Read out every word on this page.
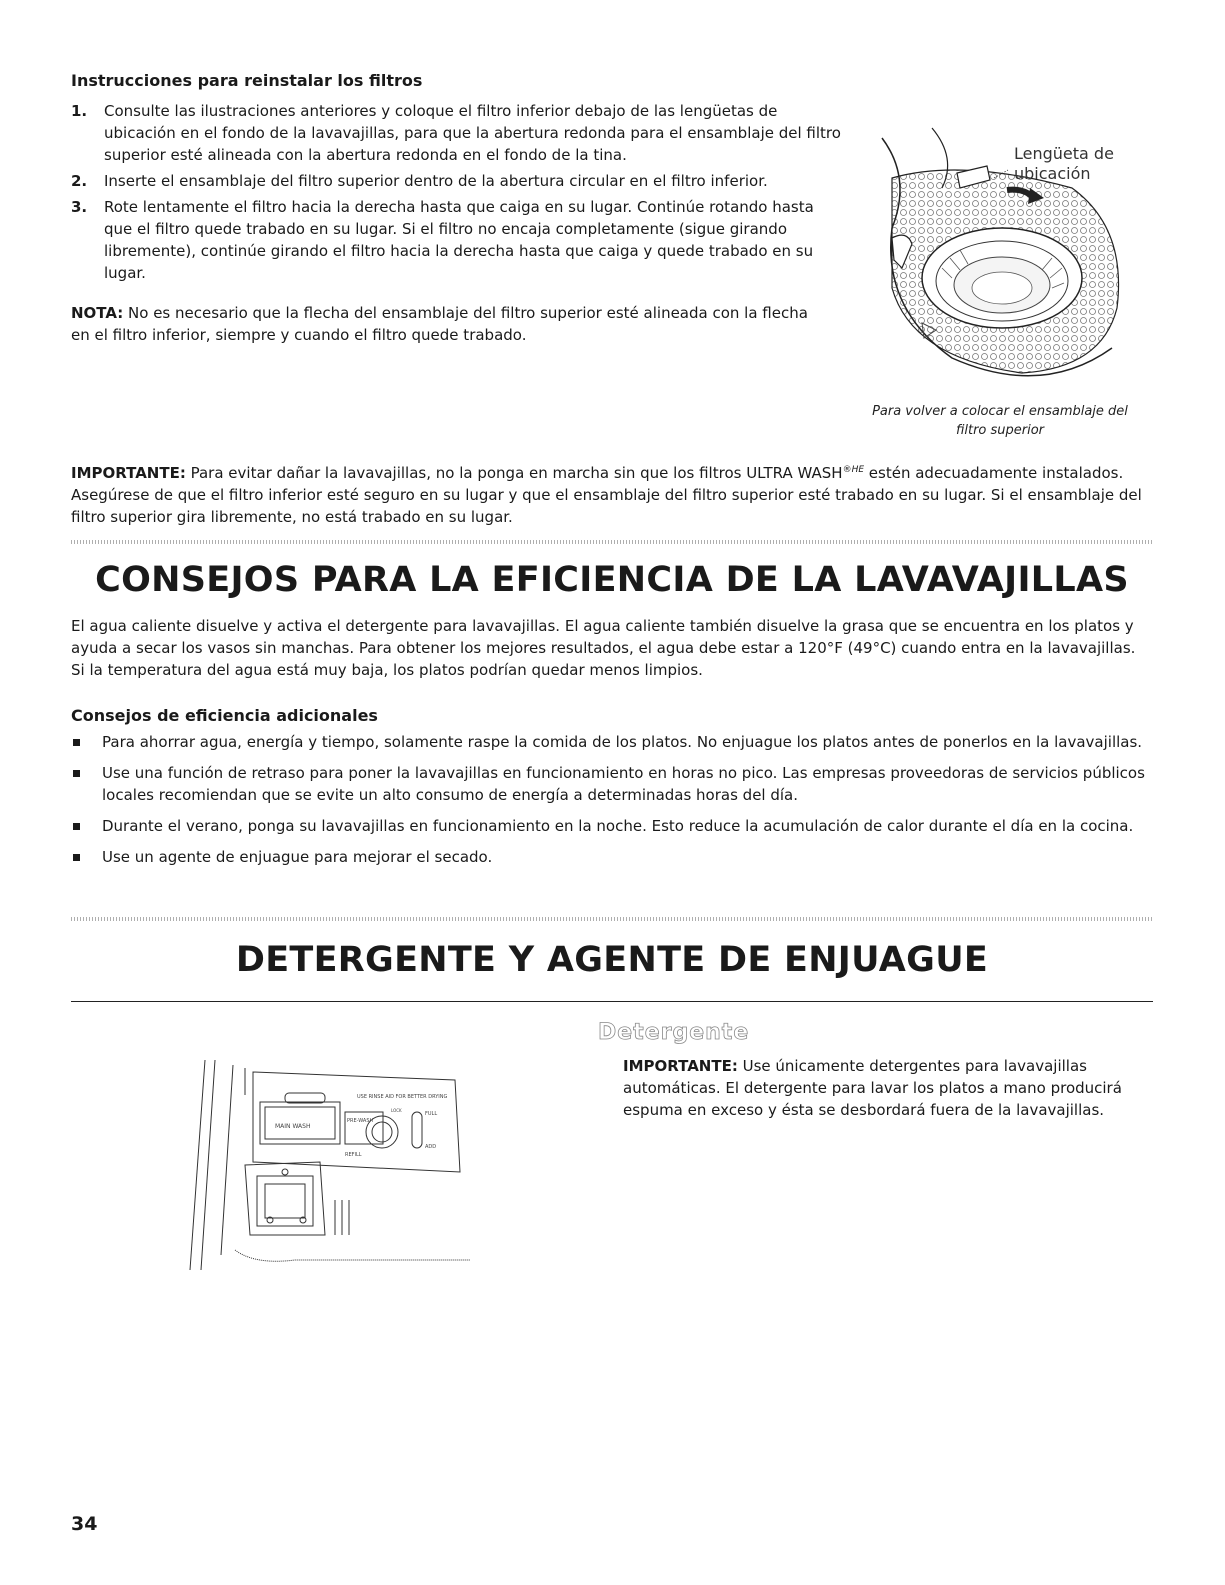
Instrucciones para reinstalar los filtros
1. Consulte las ilustraciones anteriores y coloque el filtro inferior debajo de las lengüetas de ubicación en el fondo de la lavavajillas, para que la abertura redonda para el ensamblaje del filtro superior esté alineada con la abertura redonda en el fondo de la tina.
2. Inserte el ensamblaje del filtro superior dentro de la abertura circular en el filtro inferior.
3. Rote lentamente el filtro hacia la derecha hasta que caiga en su lugar. Continúe rotando hasta que el filtro quede trabado en su lugar. Si el filtro no encaja completamente (sigue girando libremente), continúe girando el filtro hacia la derecha hasta que caiga y quede trabado en su lugar.
NOTA: No es necesario que la flecha del ensamblaje del filtro superior esté alineada con la flecha en el filtro inferior, siempre y cuando el filtro quede trabado.
Lengüeta de ubicación
Para volver a colocar el ensamblaje del filtro superior
IMPORTANTE: Para evitar dañar la lavavajillas, no la ponga en marcha sin que los filtros ULTRA $WASH^{®HE}$ estén adecuadamente instalados. Asegúrese de que el filtro inferior esté seguro en su lugar y que el ensamblaje del filtro superior esté trabado en su lugar. Si el ensamblaje del filtro superior gira libremente, no está trabado en su lugar.
CONSEJOS PARA LA EFICIENCIA DE LA LAVAVAJILLAS
El agua caliente disuelve y activa el detergente para lavavajillas. El agua caliente también disuelve la grasa que se encuentra en los platos y ayuda a secar los vasos sin manchas. Para obtener los mejores resultados, el agua debe estar a 120°F (49°C) cuando entra en la lavavajillas. Si la temperatura del agua está muy baja, los platos podrían quedar menos limpios.
Consejos de eficiencia adicionales
Para ahorrar agua, energía y tiempo, solamente raspe la comida de los platos. No enjuague los platos antes de ponerlos en la lavavajillas.
Use una función de retraso para poner la lavavajillas en funcionamiento en horas no pico. Las empresas proveedoras de servicios públicos locales recomiendan que se evite un alto consumo de energía a determinadas horas del día.
Durante el verano, ponga su lavavajillas en funcionamiento en la noche. Esto reduce la acumulación de calor durante el día en la cocina.
Use un agente de enjuague para mejorar el secado.
DETERGENTE Y AGENTE DE ENJUAGUE
Detergente
IMPORTANTE: Use únicamente detergentes para lavavajillas automáticas. El detergente para lavar los platos a mano producirá espuma en exceso y ésta se desbordará fuera de la lavavajillas.
MAIN WASH
PRE-WASH
USE RINSE AID FOR BETTER DRYING
FULL
ADD
REFILL
LOCK
34
